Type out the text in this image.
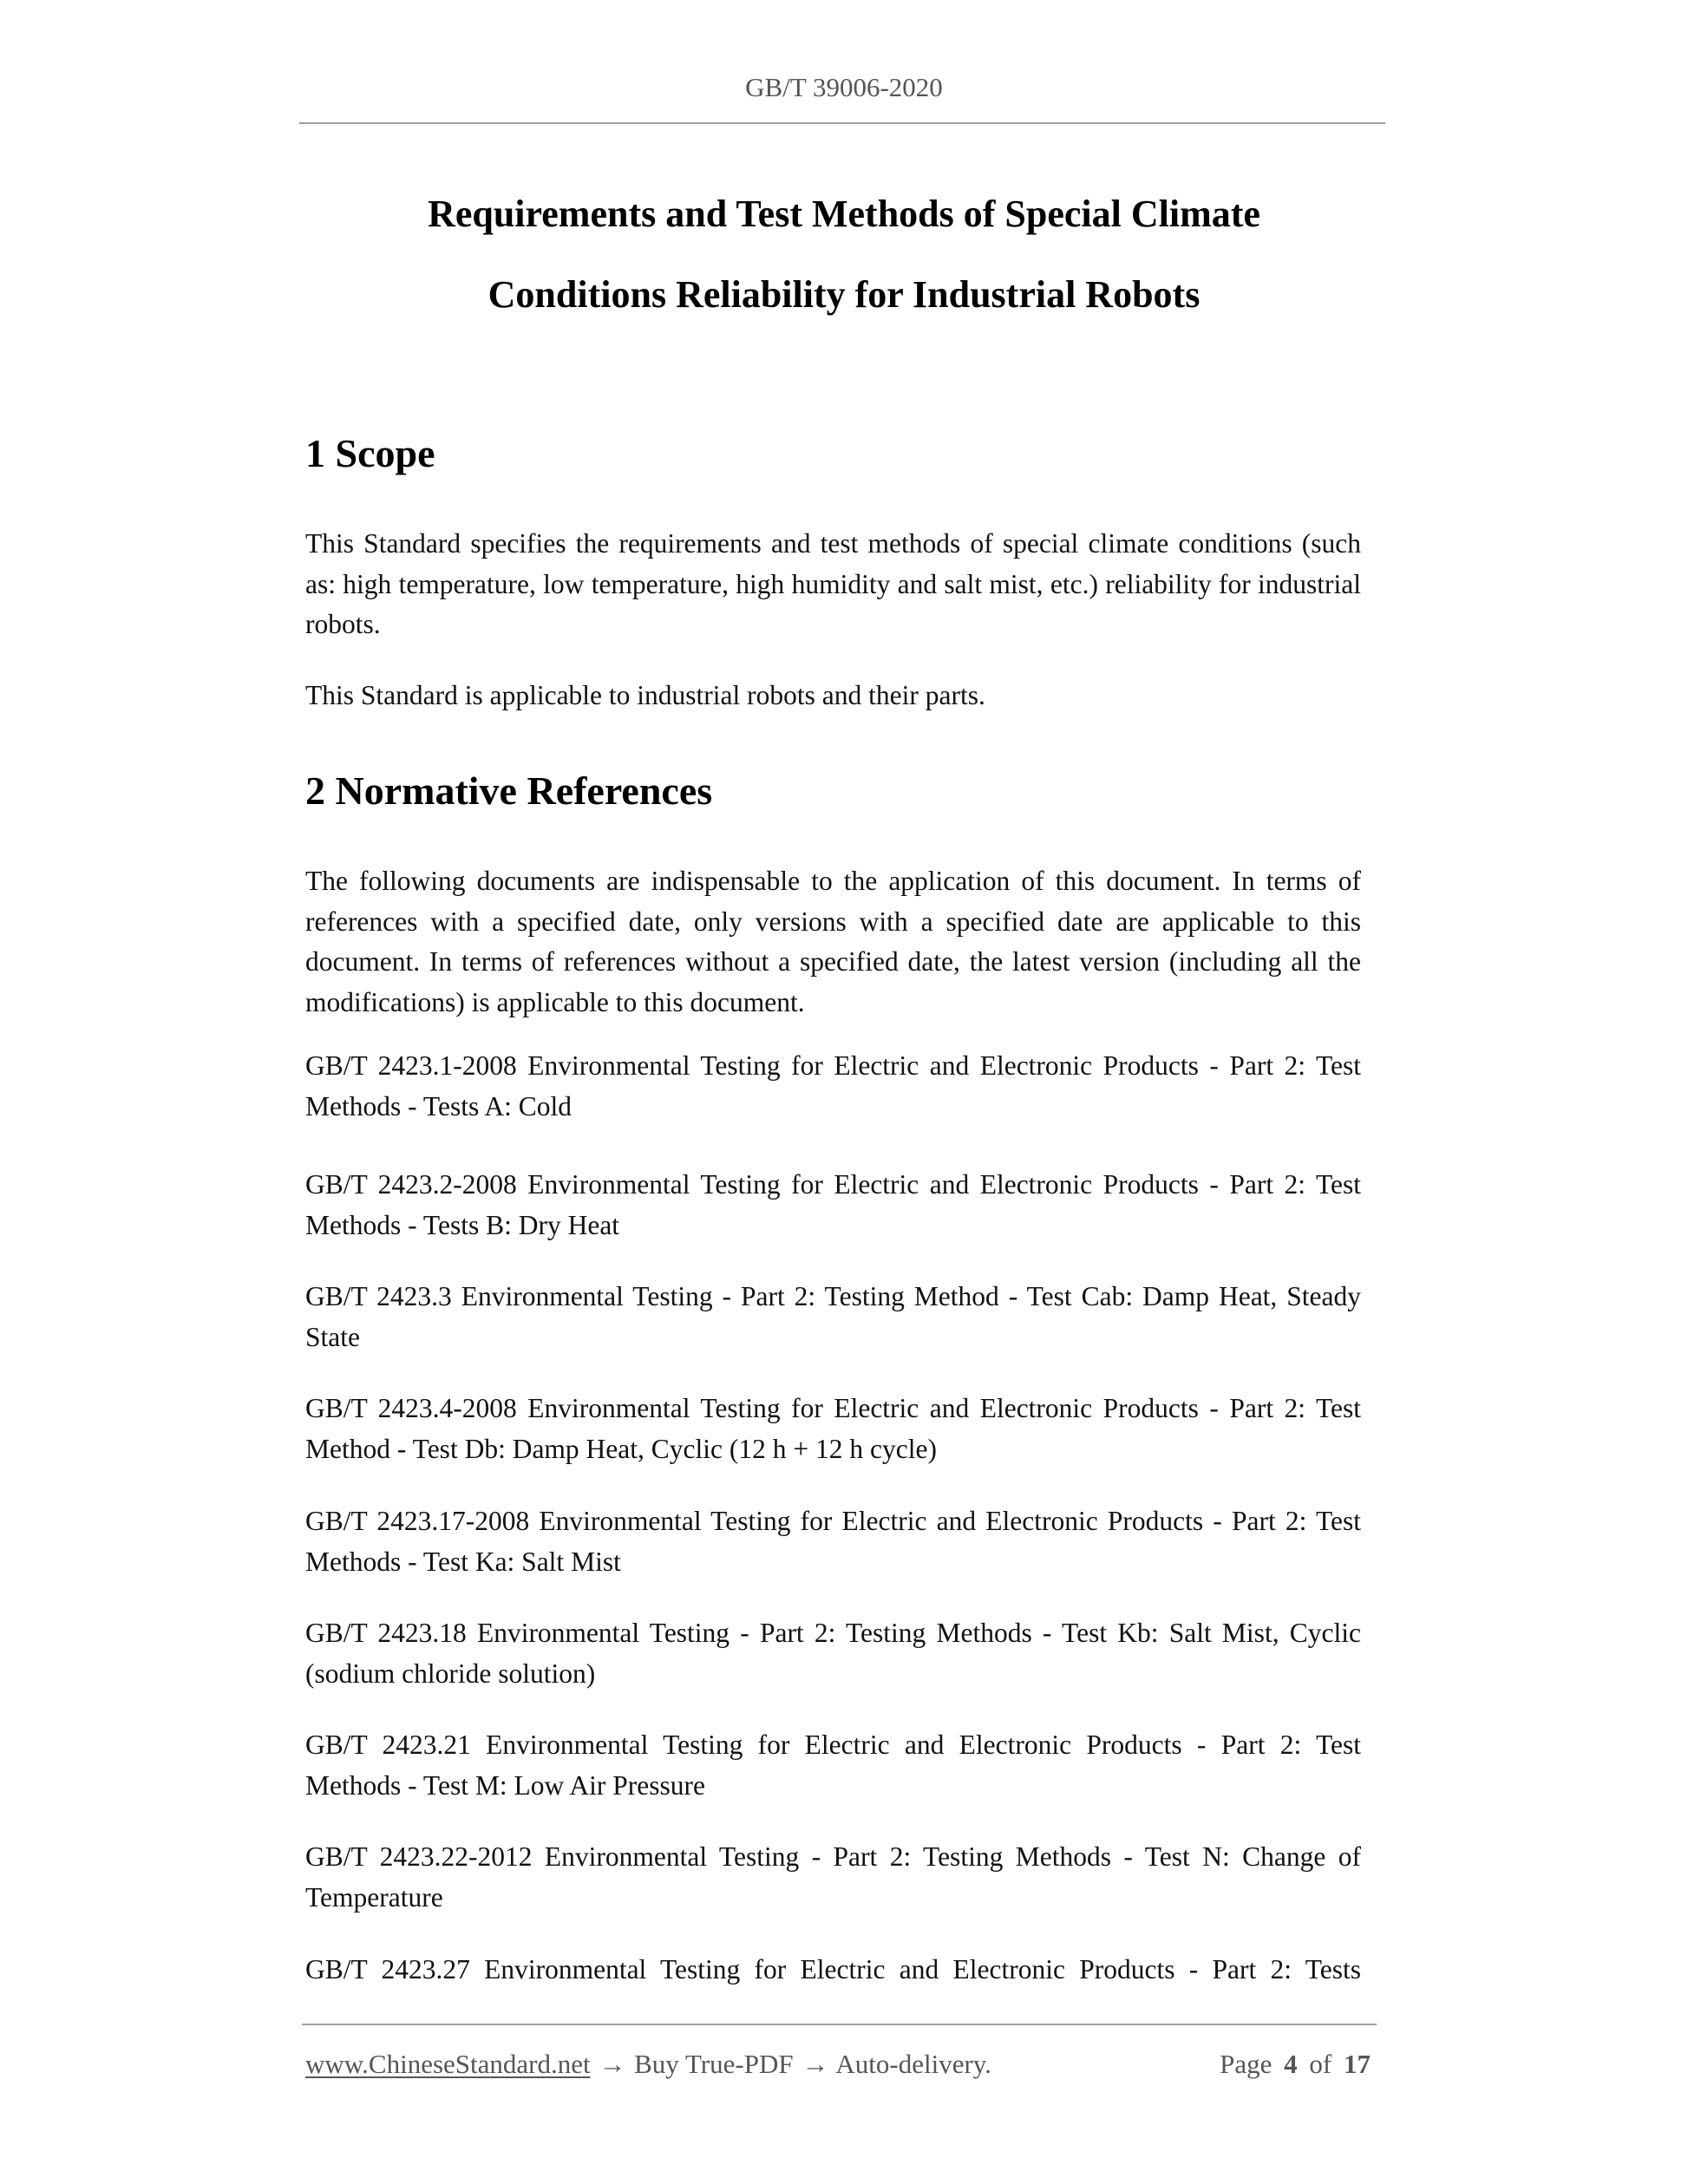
GB/T 39006-2020
Requirements and Test Methods of Special Climate
Conditions Reliability for Industrial Robots
1 Scope
This Standard specifies the requirements and test methods of special climate conditions (such
as: high temperature, low temperature, high humidity and salt mist, etc.) reliability for industrial
robots.
This Standard is applicable to industrial robots and their parts.
2 Normative References
The following documents are indispensable to the application of this document. In terms of
references with a specified date, only versions with a specified date are applicable to this
document. In terms of references without a specified date, the latest version (including all the
modifications) is applicable to this document.
GB/T 2423.1-2008 Environmental Testing for Electric and Electronic Products - Part 2: Test
Methods - Tests A: Cold
GB/T 2423.2-2008 Environmental Testing for Electric and Electronic Products - Part 2: Test
Methods - Tests B: Dry Heat
GB/T 2423.3 Environmental Testing - Part 2: Testing Method - Test Cab: Damp Heat, Steady
State
GB/T 2423.4-2008 Environmental Testing for Electric and Electronic Products - Part 2: Test
Method - Test Db: Damp Heat, Cyclic (12 h + 12 h cycle)
GB/T 2423.17-2008 Environmental Testing for Electric and Electronic Products - Part 2: Test
Methods - Test Ka: Salt Mist
GB/T 2423.18 Environmental Testing - Part 2: Testing Methods - Test Kb: Salt Mist, Cyclic
(sodium chloride solution)
GB/T 2423.21 Environmental Testing for Electric and Electronic Products - Part 2: Test
Methods - Test M: Low Air Pressure
GB/T 2423.22-2012 Environmental Testing - Part 2: Testing Methods - Test N: Change of
Temperature
GB/T 2423.27 Environmental Testing for Electric and Electronic Products - Part 2: Tests
www.ChineseStandard.net → Buy True-PDF → Auto-delivery.	Page 4 of 17
